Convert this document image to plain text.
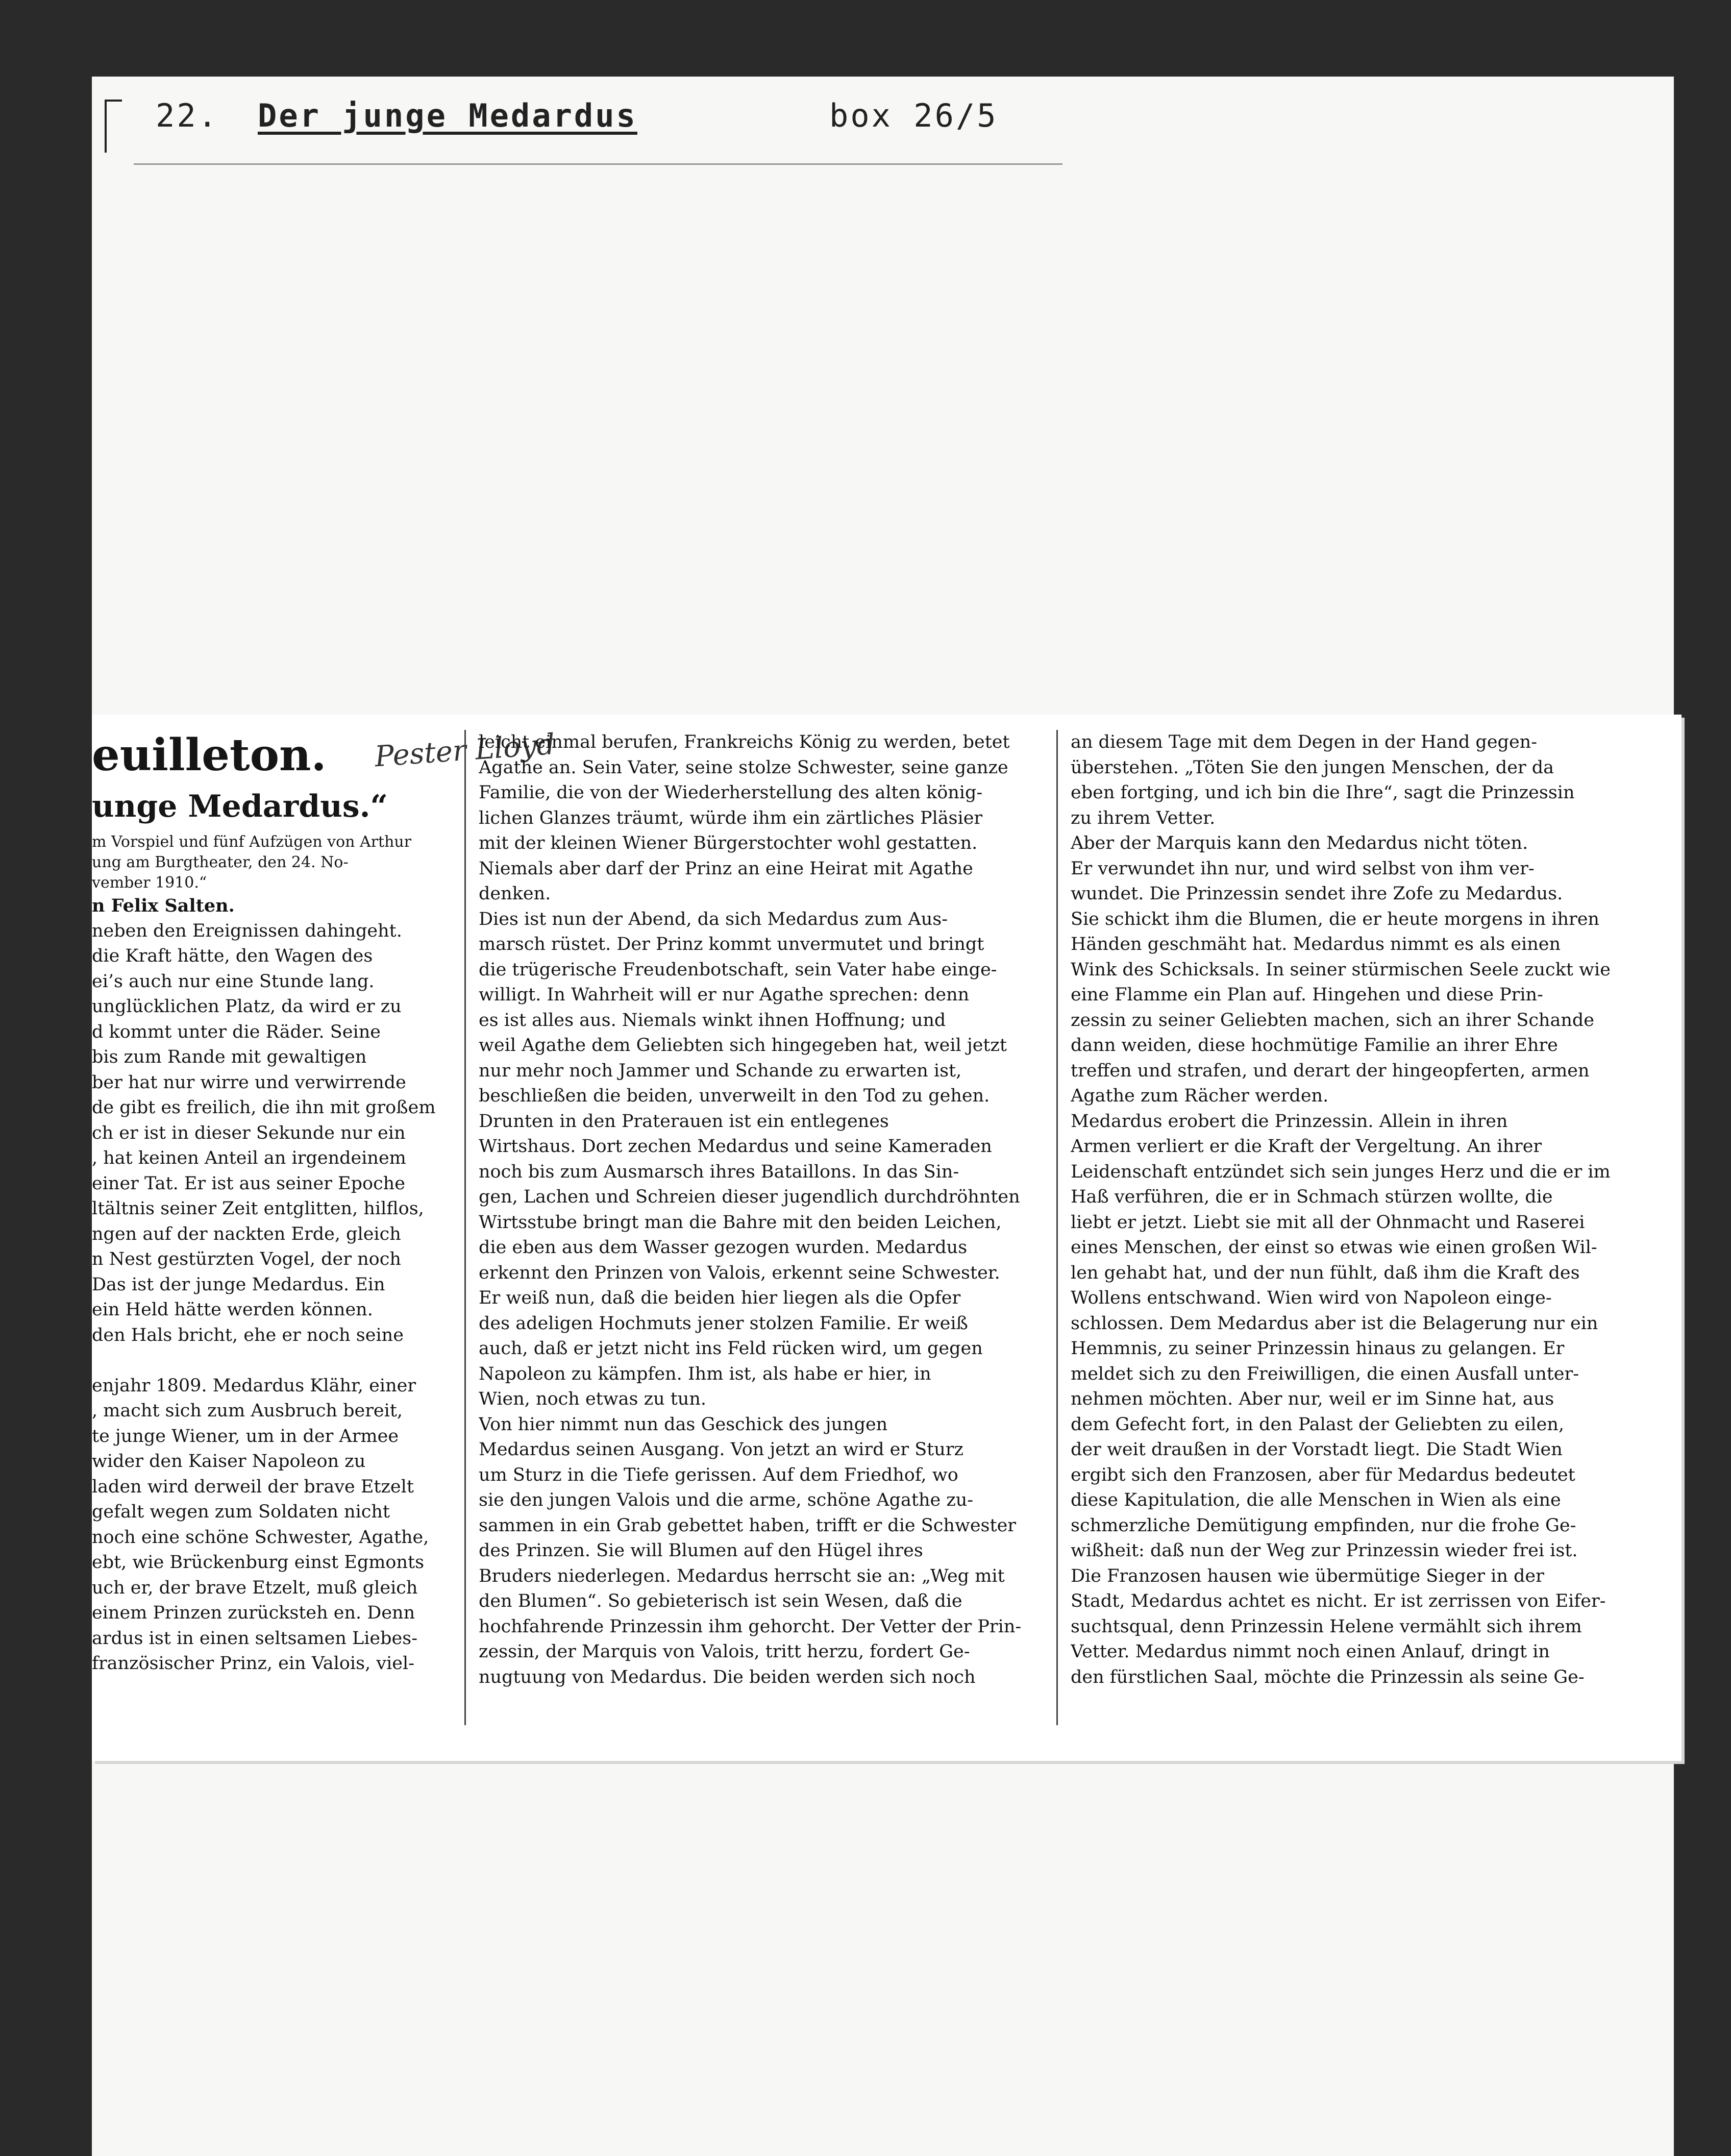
22. Der junge Medardus	box 26/5
Pester Lloyd
euilleton.
unge Medardus.“

m Vorspiel und fünf Aufzügen von Arthur

ung am Burgtheater, den 24. No-

vember 1910.“

n Felix Salten.

neben den Ereignissen dahingeht.

die Kraft hätte, den Wagen des

ei’s auch nur eine Stunde lang.

unglücklichen Platz, da wird er zu

d kommt unter die Räder. Seine

bis zum Rande mit gewaltigen

ber hat nur wirre und verwirrende

de gibt es freilich, die ihn mit großem

ch er ist in dieser Sekunde nur ein

, hat keinen Anteil an irgendeinem

einer Tat. Er ist aus seiner Epoche

ltältnis seiner Zeit entglitten, hilflos,

ngen auf der nackten Erde, gleich

n Nest gestürzten Vogel, der noch

Das ist der junge Medardus. Ein

ein Held hätte werden können.

den Hals bricht, ehe er noch seine

enjahr 1809. Medardus Klähr, einer

, macht sich zum Ausbruch bereit,

te junge Wiener, um in der Armee

wider den Kaiser Napoleon zu

laden wird derweil der brave Etzelt

gefalt wegen zum Soldaten nicht

noch eine schöne Schwester, Agathe,

ebt, wie Brückenburg einst Egmonts

uch er, der brave Etzelt, muß gleich

einem Prinzen zurücksteh en. Denn

ardus ist in einen seltsamen Liebes-

französischer Prinz, ein Valois, viel-

leicht einmal berufen, Frankreichs König zu werden, betet

Agathe an. Sein Vater, seine stolze Schwester, seine ganze

Familie, die von der Wiederherstellung des alten könig-

lichen Glanzes träumt, würde ihm ein zärtliches Pläsier

mit der kleinen Wiener Bürgerstochter wohl gestatten.

Niemals aber darf der Prinz an eine Heirat mit Agathe

denken.

Dies ist nun der Abend, da sich Medardus zum Aus-

marsch rüstet. Der Prinz kommt unvermutet und bringt

die trügerische Freudenbotschaft, sein Vater habe einge-

willigt. In Wahrheit will er nur Agathe sprechen: denn

es ist alles aus. Niemals winkt ihnen Hoffnung; und

weil Agathe dem Geliebten sich hingegeben hat, weil jetzt

nur mehr noch Jammer und Schande zu erwarten ist,

beschließen die beiden, unverweilt in den Tod zu gehen.

Drunten in den Praterauen ist ein entlegenes

Wirtshaus. Dort zechen Medardus und seine Kameraden

noch bis zum Ausmarsch ihres Bataillons. In das Sin-

gen, Lachen und Schreien dieser jugendlich durchdröhnten

Wirtsstube bringt man die Bahre mit den beiden Leichen,

die eben aus dem Wasser gezogen wurden. Medardus

erkennt den Prinzen von Valois, erkennt seine Schwester.

Er weiß nun, daß die beiden hier liegen als die Opfer

des adeligen Hochmuts jener stolzen Familie. Er weiß

auch, daß er jetzt nicht ins Feld rücken wird, um gegen

Napoleon zu kämpfen. Ihm ist, als habe er hier, in

Wien, noch etwas zu tun.

Von hier nimmt nun das Geschick des jungen

Medardus seinen Ausgang. Von jetzt an wird er Sturz

um Sturz in die Tiefe gerissen. Auf dem Friedhof, wo

sie den jungen Valois und die arme, schöne Agathe zu-

sammen in ein Grab gebettet haben, trifft er die Schwester

des Prinzen. Sie will Blumen auf den Hügel ihres

Bruders niederlegen. Medardus herrscht sie an: „Weg mit

den Blumen“. So gebieterisch ist sein Wesen, daß die

hochfahrende Prinzessin ihm gehorcht. Der Vetter der Prin-

zessin, der Marquis von Valois, tritt herzu, fordert Ge-

nugtuung von Medardus. Die beiden werden sich noch

an diesem Tage mit dem Degen in der Hand gegen-

überstehen. „Töten Sie den jungen Menschen, der da

eben fortging, und ich bin die Ihre“, sagt die Prinzessin

zu ihrem Vetter.

Aber der Marquis kann den Medardus nicht töten.

Er verwundet ihn nur, und wird selbst von ihm ver-

wundet. Die Prinzessin sendet ihre Zofe zu Medardus.

Sie schickt ihm die Blumen, die er heute morgens in ihren

Händen geschmäht hat. Medardus nimmt es als einen

Wink des Schicksals. In seiner stürmischen Seele zuckt wie

eine Flamme ein Plan auf. Hingehen und diese Prin-

zessin zu seiner Geliebten machen, sich an ihrer Schande

dann weiden, diese hochmütige Familie an ihrer Ehre

treffen und strafen, und derart der hingeopferten, armen

Agathe zum Rächer werden.

Medardus erobert die Prinzessin. Allein in ihren

Armen verliert er die Kraft der Vergeltung. An ihrer

Leidenschaft entzündet sich sein junges Herz und die er im

Haß verführen, die er in Schmach stürzen wollte, die

liebt er jetzt. Liebt sie mit all der Ohnmacht und Raserei

eines Menschen, der einst so etwas wie einen großen Wil-

len gehabt hat, und der nun fühlt, daß ihm die Kraft des

Wollens entschwand. Wien wird von Napoleon einge-

schlossen. Dem Medardus aber ist die Belagerung nur ein

Hemmnis, zu seiner Prinzessin hinaus zu gelangen. Er

meldet sich zu den Freiwilligen, die einen Ausfall unter-

nehmen möchten. Aber nur, weil er im Sinne hat, aus

dem Gefecht fort, in den Palast der Geliebten zu eilen,

der weit draußen in der Vorstadt liegt. Die Stadt Wien

ergibt sich den Franzosen, aber für Medardus bedeutet

diese Kapitulation, die alle Menschen in Wien als eine

schmerzliche Demütigung empfinden, nur die frohe Ge-

wißheit: daß nun der Weg zur Prinzessin wieder frei ist.

Die Franzosen hausen wie übermütige Sieger in der

Stadt, Medardus achtet es nicht. Er ist zerrissen von Eifer-

suchtsqual, denn Prinzessin Helene vermählt sich ihrem

Vetter. Medardus nimmt noch einen Anlauf, dringt in

den fürstlichen Saal, möchte die Prinzessin als seine Ge-
